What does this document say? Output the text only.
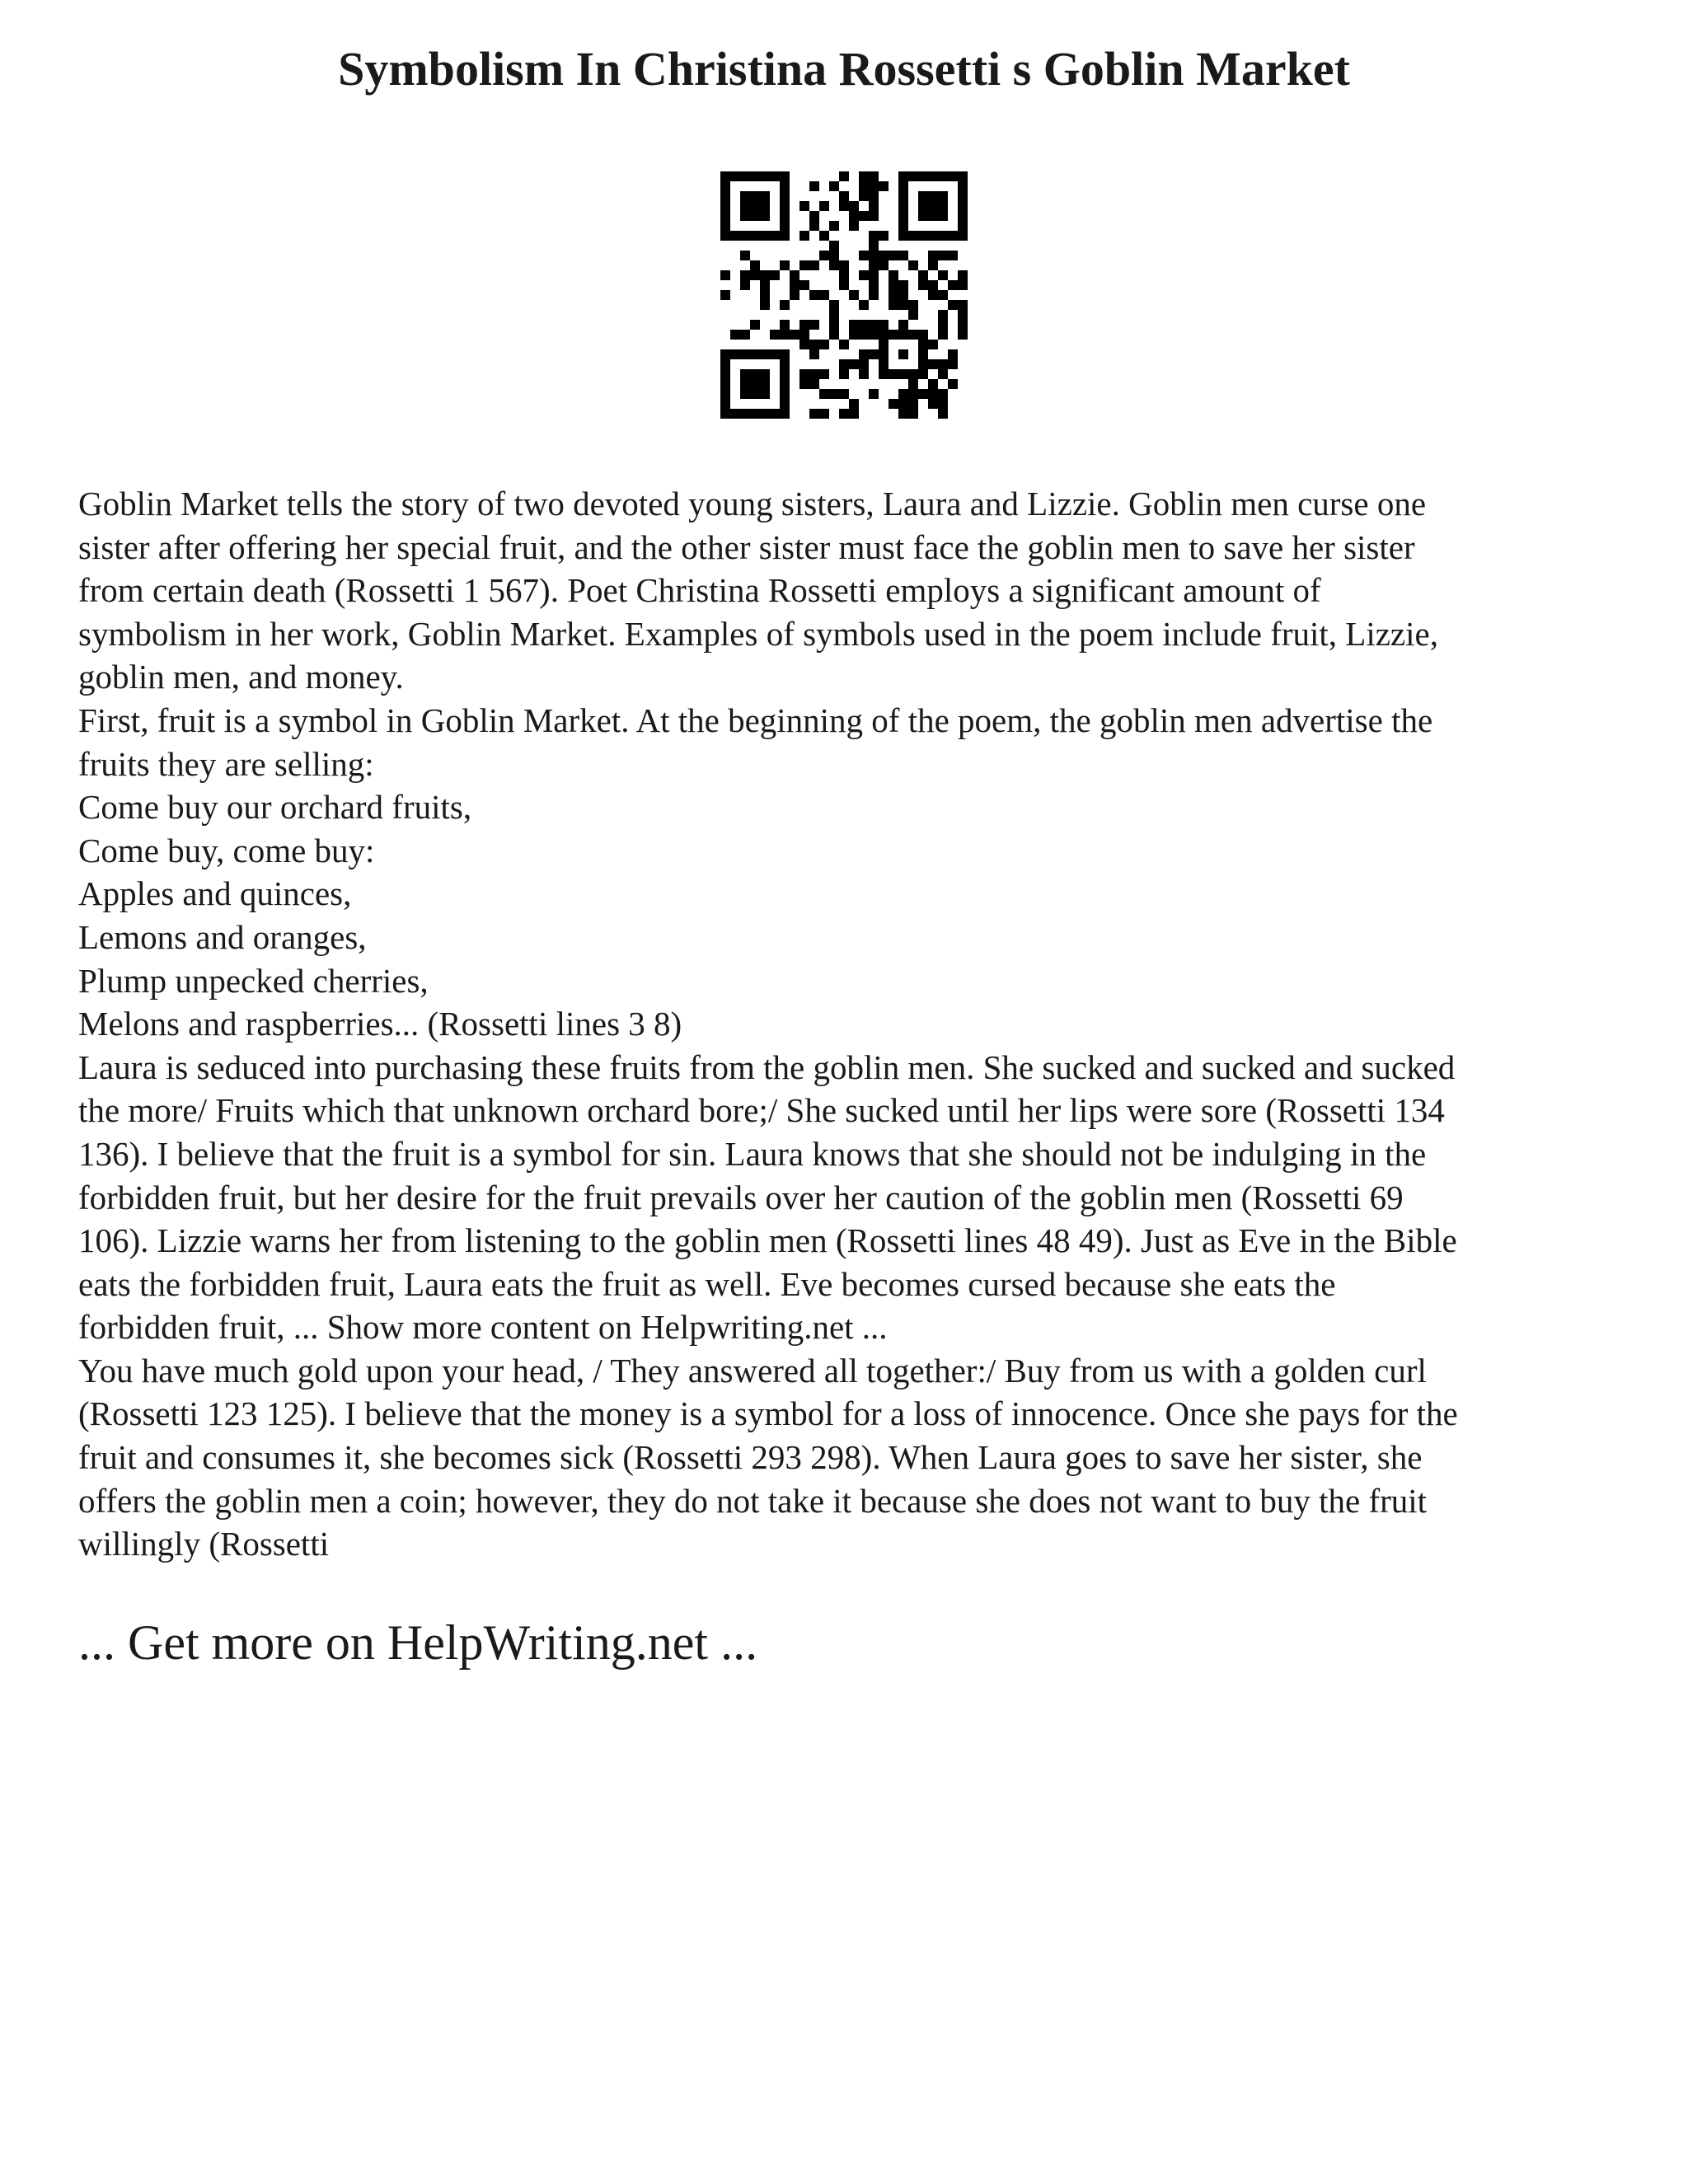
Symbolism In Christina Rossetti s Goblin Market

Goblin Market tells the story of two devoted young sisters, Laura and Lizzie. Goblin men curse one

sister after offering her special fruit, and the other sister must face the goblin men to save her sister

from certain death (Rossetti 1 567). Poet Christina Rossetti employs a significant amount of

symbolism in her work, Goblin Market. Examples of symbols used in the poem include fruit, Lizzie,

goblin men, and money.

First, fruit is a symbol in Goblin Market. At the beginning of the poem, the goblin men advertise the

fruits they are selling:

Come buy our orchard fruits,

Come buy, come buy:

Apples and quinces,

Lemons and oranges,

Plump unpecked cherries,

Melons and raspberries... (Rossetti lines 3 8)

Laura is seduced into purchasing these fruits from the goblin men. She sucked and sucked and sucked

the more/ Fruits which that unknown orchard bore;/ She sucked until her lips were sore (Rossetti 134

136). I believe that the fruit is a symbol for sin. Laura knows that she should not be indulging in the

forbidden fruit, but her desire for the fruit prevails over her caution of the goblin men (Rossetti 69

106). Lizzie warns her from listening to the goblin men (Rossetti lines 48 49). Just as Eve in the Bible

eats the forbidden fruit, Laura eats the fruit as well. Eve becomes cursed because she eats the

forbidden fruit, ... Show more content on Helpwriting.net ...

You have much gold upon your head, / They answered all together:/ Buy from us with a golden curl

(Rossetti 123 125). I believe that the money is a symbol for a loss of innocence. Once she pays for the

fruit and consumes it, she becomes sick (Rossetti 293 298). When Laura goes to save her sister, she

offers the goblin men a coin; however, they do not take it because she does not want to buy the fruit

willingly (Rossetti

... Get more on HelpWriting.net ...
